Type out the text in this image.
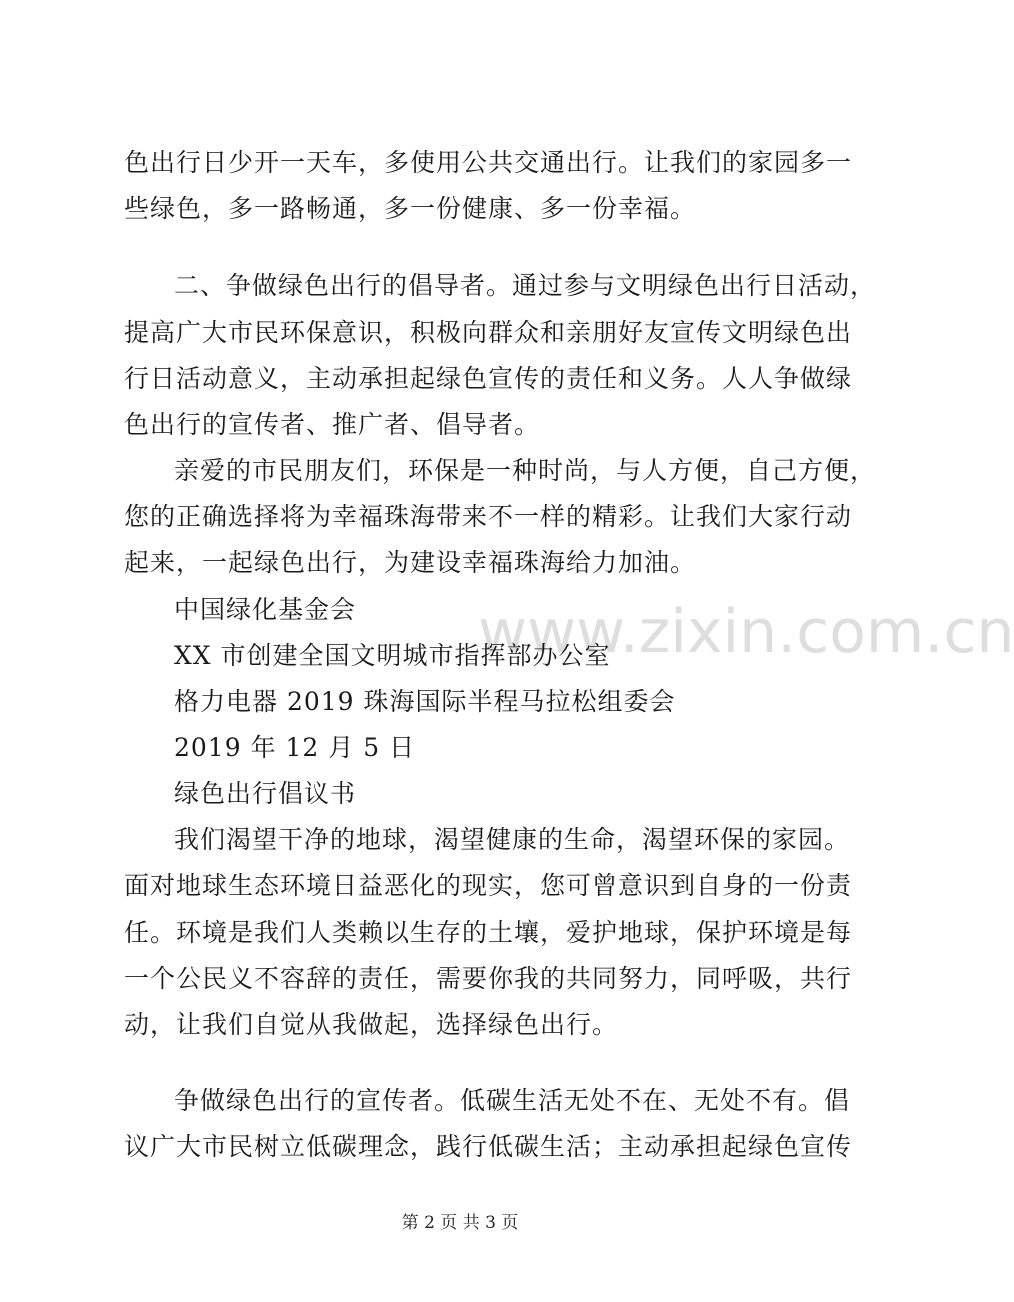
www.zixin.com.cn
色出行日少开一天车，多使用公共交通出行。让我们的家园多一
些绿色，多一路畅通，多一份健康、多一份幸福。
二、争做绿色出行的倡导者。通过参与文明绿色出行日活动，
提高广大市民环保意识，积极向群众和亲朋好友宣传文明绿色出
行日活动意义，主动承担起绿色宣传的责任和义务。人人争做绿
色出行的宣传者、推广者、倡导者。
亲爱的市民朋友们，环保是一种时尚，与人方便，自己方便，
您的正确选择将为幸福珠海带来不一样的精彩。让我们大家行动
起来，一起绿色出行，为建设幸福珠海给力加油。
中国绿化基金会
XX 市创建全国文明城市指挥部办公室
格力电器 2019 珠海国际半程马拉松组委会
2019 年 12 月 5 日
绿色出行倡议书
我们渴望干净的地球，渴望健康的生命，渴望环保的家园。
面对地球生态环境日益恶化的现实，您可曾意识到自身的一份责
任。环境是我们人类赖以生存的土壤，爱护地球，保护环境是每
一个公民义不容辞的责任，需要你我的共同努力，同呼吸，共行
动，让我们自觉从我做起，选择绿色出行。
争做绿色出行的宣传者。低碳生活无处不在、无处不有。倡
议广大市民树立低碳理念，践行低碳生活；主动承担起绿色宣传
第 2 页 共 3 页
